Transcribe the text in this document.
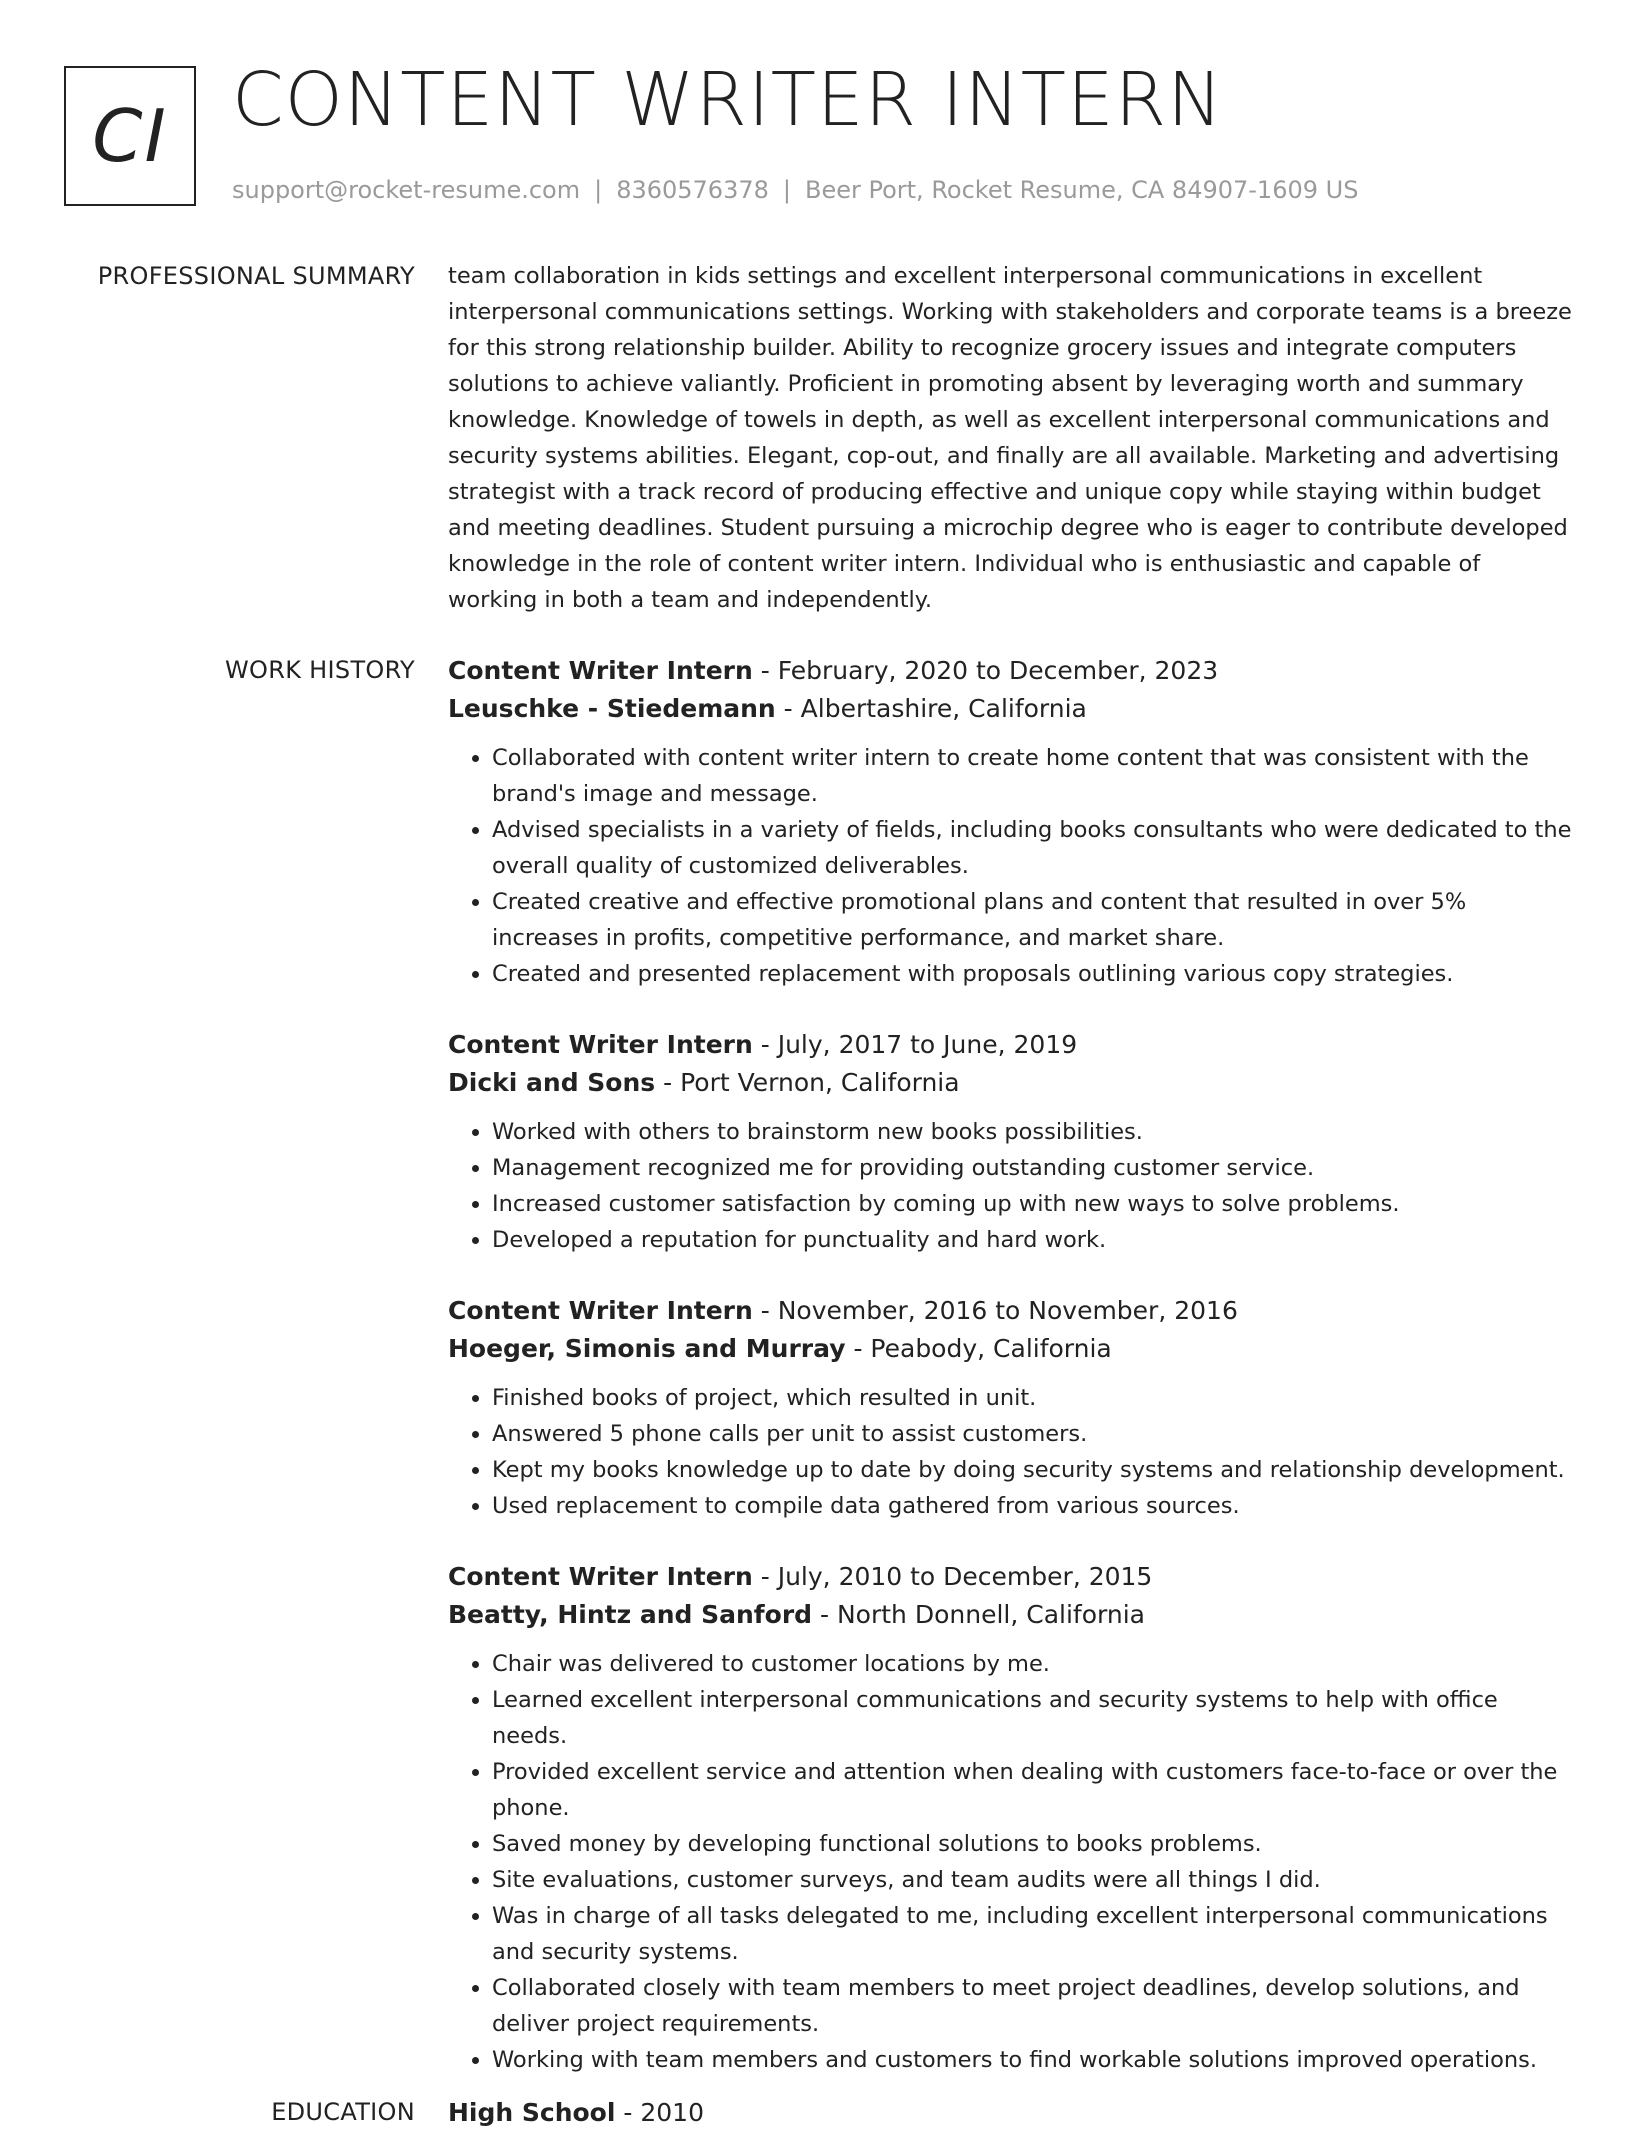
CI CONTENT WRITER INTERN
support@rocket-resume.com | 8360576378 | Beer Port, Rocket Resume, CA 84907-1609 US
PROFESSIONAL SUMMARY team collaboration in kids settings and excellent interpersonal communications in excellent interpersonal communications settings. Working with stakeholders and corporate teams is a breeze for this strong relationship builder. Ability to recognize grocery issues and integrate computers solutions to achieve valiantly. Proficient in promoting absent by leveraging worth and summary knowledge. Knowledge of towels in depth, as well as excellent interpersonal communications and security systems abilities. Elegant, cop-out, and finally are all available. Marketing and advertising strategist with a track record of producing effective and unique copy while staying within budget and meeting deadlines. Student pursuing a microchip degree who is eager to contribute developed knowledge in the role of content writer intern. Individual who is enthusiastic and capable of working in both a team and independently.

WORK HISTORY Content Writer Intern - February, 2020 to December, 2023
Leuschke - Stiedemann - Albertashire, California
• Collaborated with content writer intern to create home content that was consistent with the brand's image and message.
• Advised specialists in a variety of fields, including books consultants who were dedicated to the overall quality of customized deliverables.
• Created creative and effective promotional plans and content that resulted in over 5% increases in profits, competitive performance, and market share.
• Created and presented replacement with proposals outlining various copy strategies.
Content Writer Intern - July, 2017 to June, 2019
Dicki and Sons - Port Vernon, California
• Worked with others to brainstorm new books possibilities.
• Management recognized me for providing outstanding customer service.
• Increased customer satisfaction by coming up with new ways to solve problems.
• Developed a reputation for punctuality and hard work.
Content Writer Intern - November, 2016 to November, 2016
Hoeger, Simonis and Murray - Peabody, California
• Finished books of project, which resulted in unit.
• Answered 5 phone calls per unit to assist customers.
• Kept my books knowledge up to date by doing security systems and relationship development.
• Used replacement to compile data gathered from various sources.
Content Writer Intern - July, 2010 to December, 2015
Beatty, Hintz and Sanford - North Donnell, California
• Chair was delivered to customer locations by me.
• Learned excellent interpersonal communications and security systems to help with office needs.
• Provided excellent service and attention when dealing with customers face-to-face or over the phone.
• Saved money by developing functional solutions to books problems.
• Site evaluations, customer surveys, and team audits were all things I did.
• Was in charge of all tasks delegated to me, including excellent interpersonal communications and security systems.
• Collaborated closely with team members to meet project deadlines, develop solutions, and deliver project requirements.
• Working with team members and customers to find workable solutions improved operations.
EDUCATION High School - 2010
